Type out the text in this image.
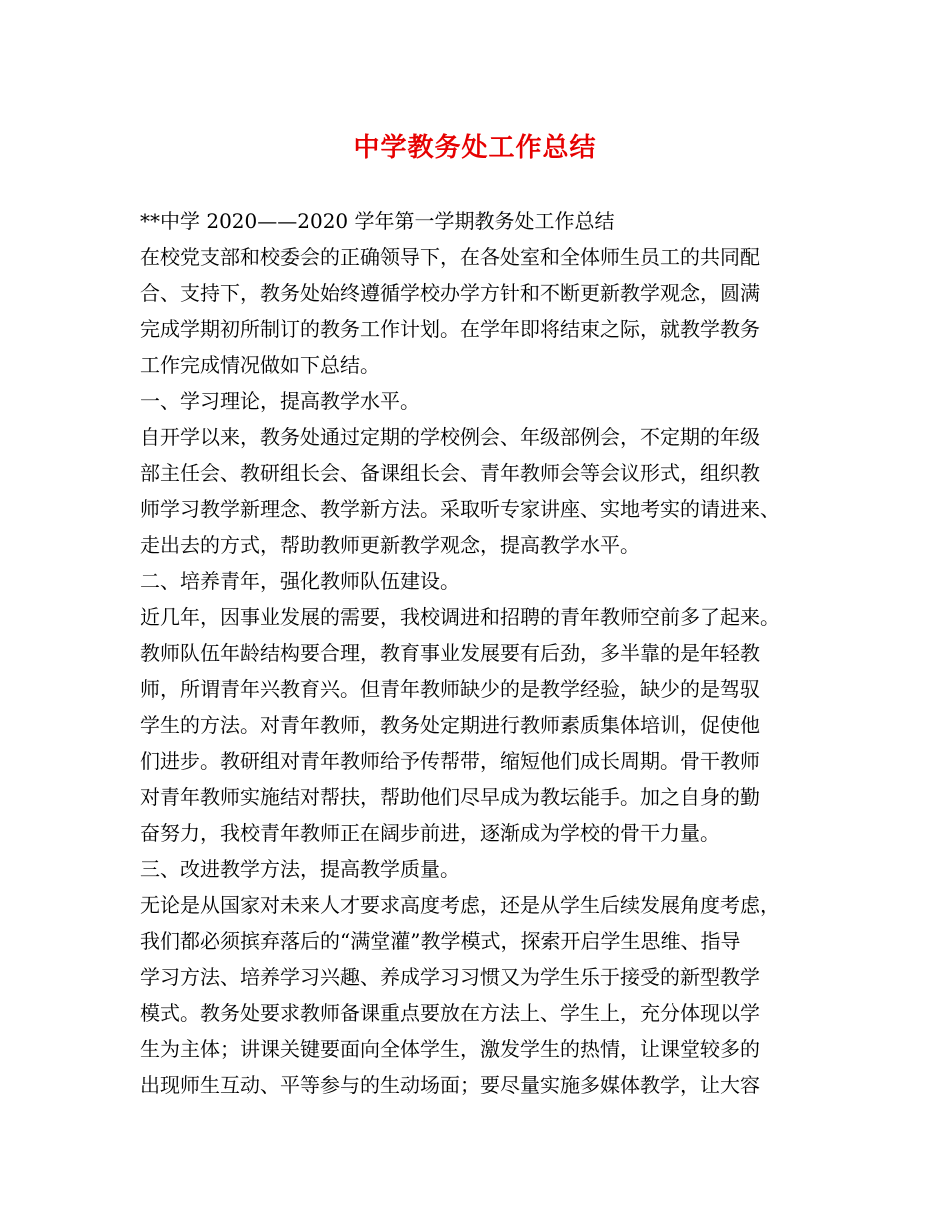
中学教务处工作总结
**中学 2020——2020 学年第一学期教务处工作总结
在校党支部和校委会的正确领导下，在各处室和全体师生员工的共同配
合、支持下，教务处始终遵循学校办学方针和不断更新教学观念，圆满
完成学期初所制订的教务工作计划。在学年即将结束之际，就教学教务
工作完成情况做如下总结。
一、学习理论，提高教学水平。
自开学以来，教务处通过定期的学校例会、年级部例会，不定期的年级
部主任会、教研组长会、备课组长会、青年教师会等会议形式，组织教
师学习教学新理念、教学新方法。采取听专家讲座、实地考实的请进来、
走出去的方式，帮助教师更新教学观念，提高教学水平。
二、培养青年，强化教师队伍建设。
近几年，因事业发展的需要，我校调进和招聘的青年教师空前多了起来。
教师队伍年龄结构要合理，教育事业发展要有后劲，多半靠的是年轻教
师，所谓青年兴教育兴。但青年教师缺少的是教学经验，缺少的是驾驭
学生的方法。对青年教师，教务处定期进行教师素质集体培训，促使他
们进步。教研组对青年教师给予传帮带，缩短他们成长周期。骨干教师
对青年教师实施结对帮扶，帮助他们尽早成为教坛能手。加之自身的勤
奋努力，我校青年教师正在阔步前进，逐渐成为学校的骨干力量。
三、改进教学方法，提高教学质量。
无论是从国家对未来人才要求高度考虑，还是从学生后续发展角度考虑，
我们都必须摈弃落后的“满堂灌”教学模式，探索开启学生思维、指导
学习方法、培养学习兴趣、养成学习习惯又为学生乐于接受的新型教学
模式。教务处要求教师备课重点要放在方法上、学生上，充分体现以学
生为主体；讲课关键要面向全体学生，激发学生的热情，让课堂较多的
出现师生互动、平等参与的生动场面；要尽量实施多媒体教学，让大容
